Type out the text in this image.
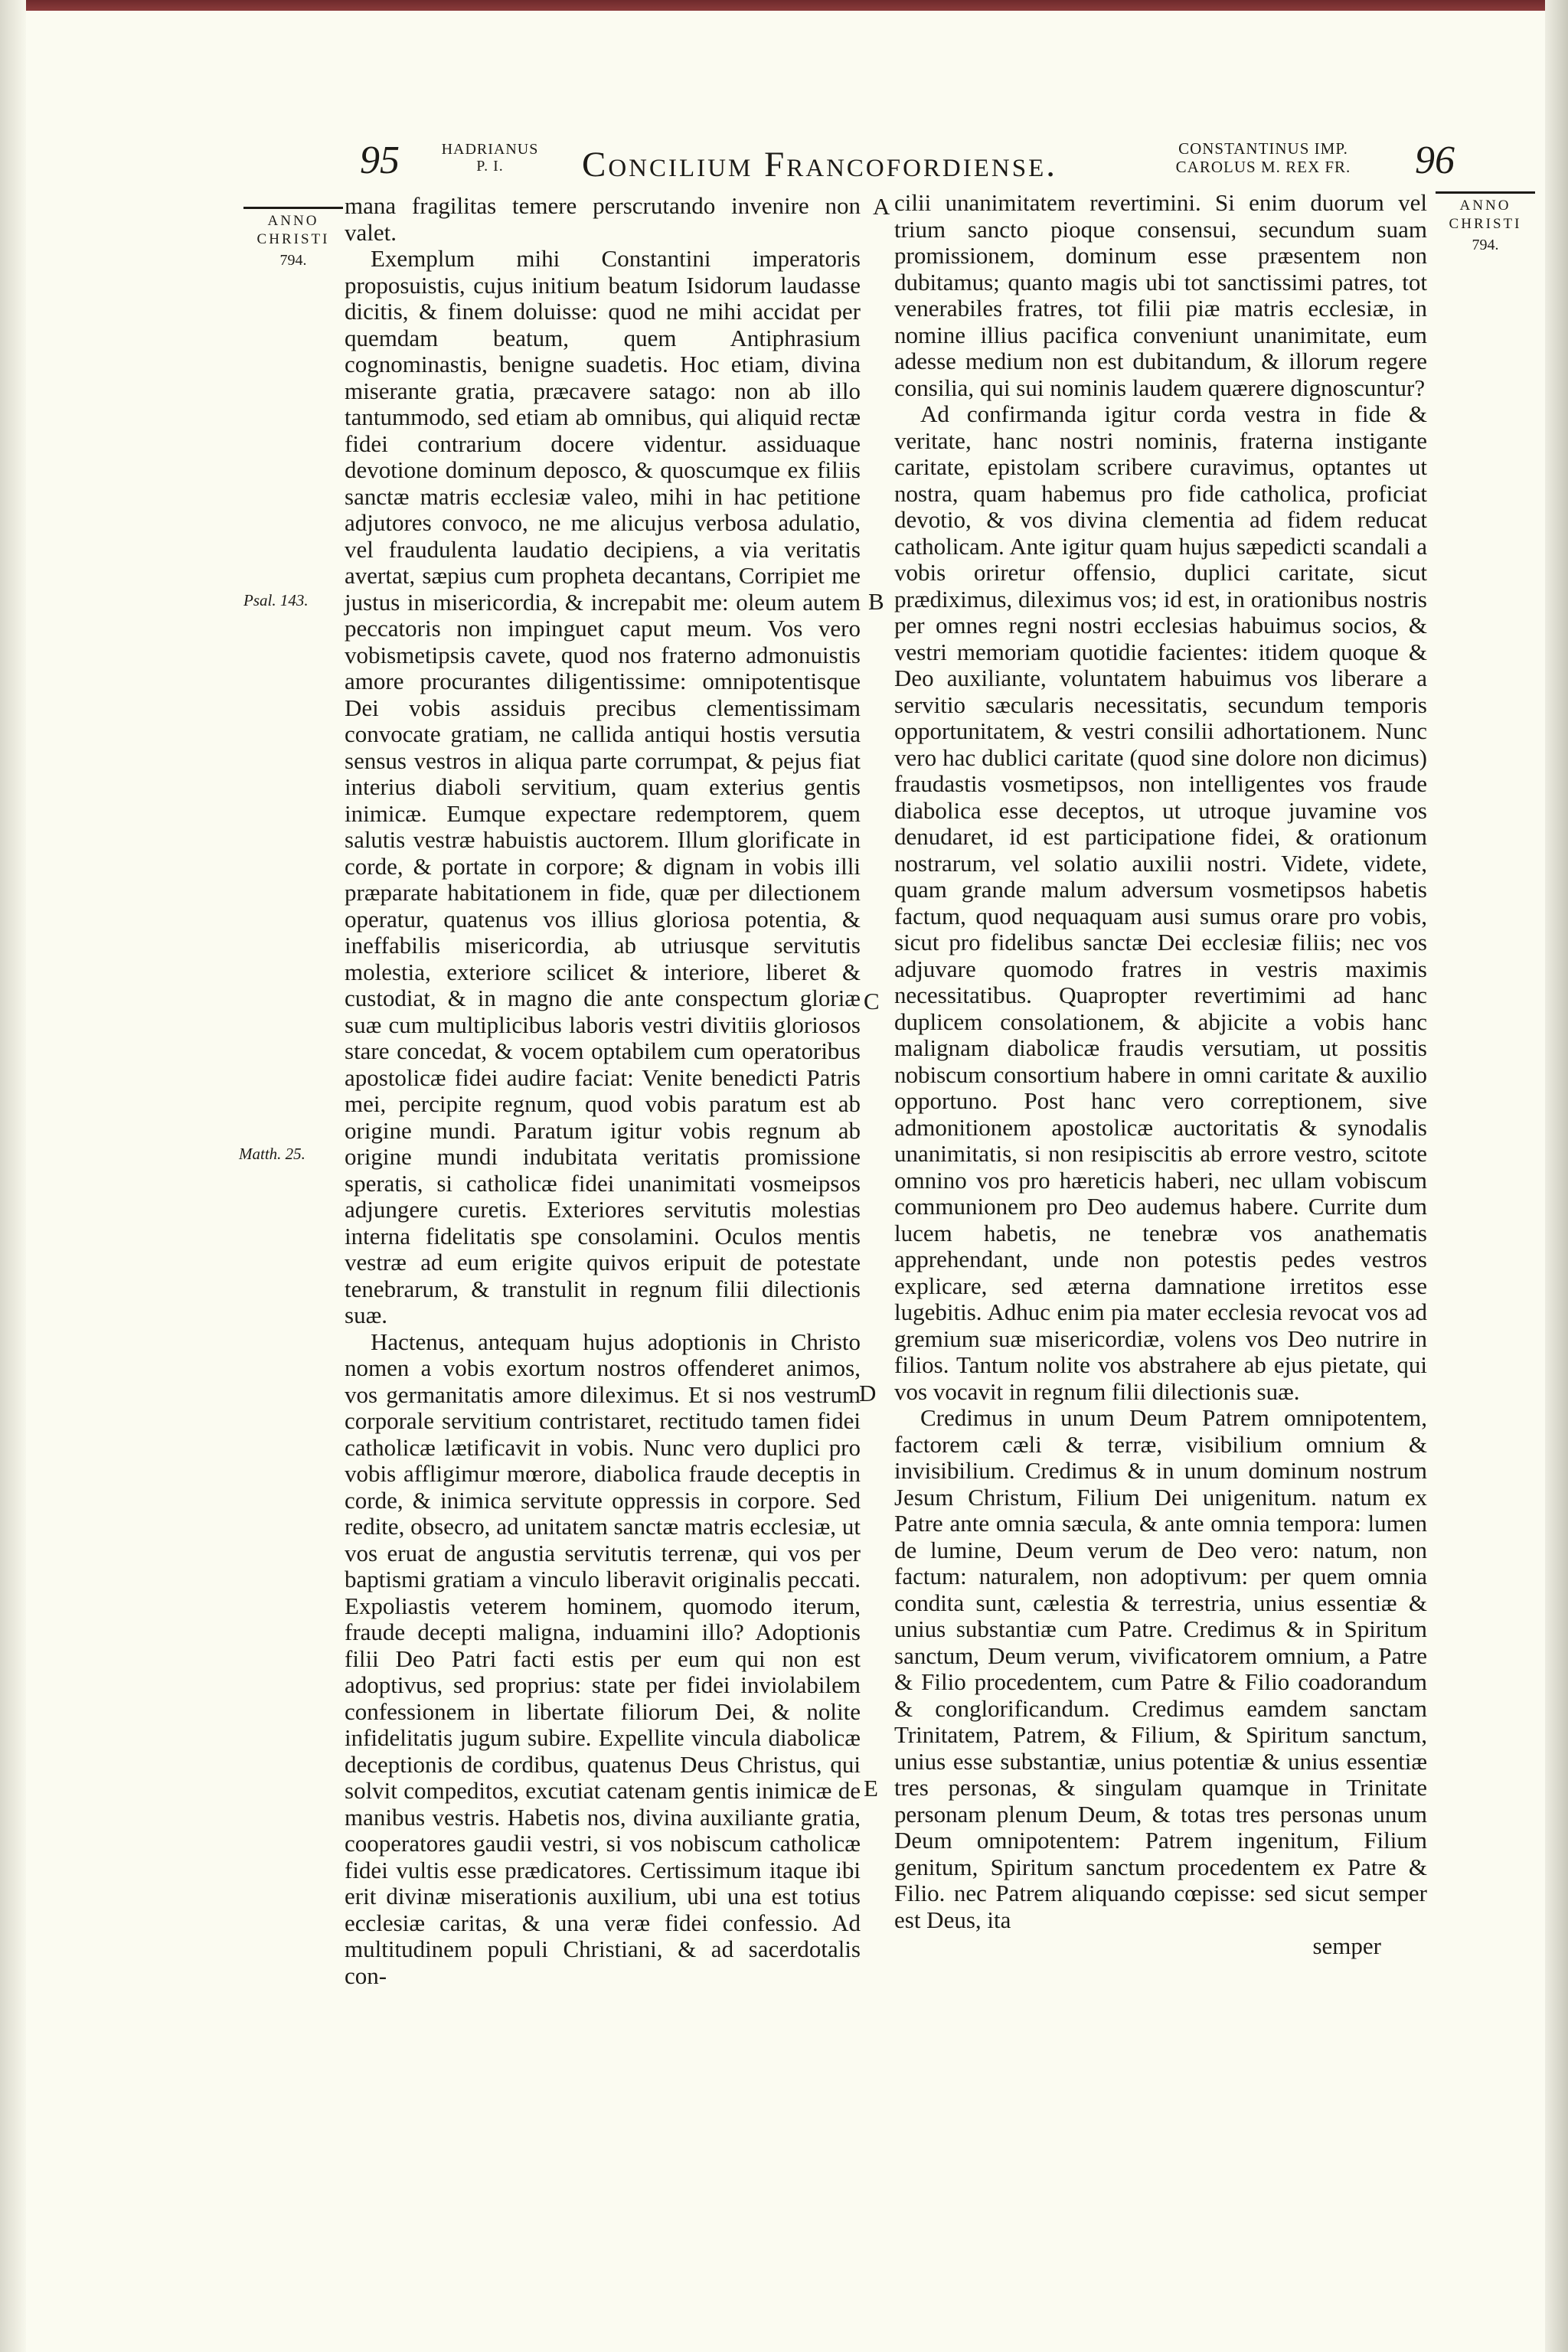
95	HADRIANUS P. I.	Concilium Francofordiense.	CONSTANTINUS IMP. CAROLUS M. REX FR.	96
ANNO
CHRISTI
794.
ANNO
CHRISTI
794.
Psal. 143.
Matth. 25.
A
B
C
D
E

mana fragilitas temere perscrutando invenire non valet.

Exemplum mihi Constantini imperatoris proposuistis, cujus initium beatum Isidorum laudasse dicitis, & finem doluisse: quod ne mihi accidat per quemdam beatum, quem Antiphrasium cognominastis, benigne suadetis. Hoc etiam, divina miserante gratia, præcavere satago: non ab illo tantummodo, sed etiam ab omnibus, qui aliquid rectæ fidei contrarium docere videntur. assiduaque devotione dominum deposco, & quoscumque ex filiis sanctæ matris ecclesiæ valeo, mihi in hac petitione adjutores convoco, ne me alicujus verbosa adulatio, vel fraudulenta laudatio decipiens, a via veritatis avertat, sæpius cum propheta decantans, Corripiet me justus in misericordia, & increpabit me: oleum autem peccatoris non impinguet caput meum. Vos vero vobismetipsis cavete, quod nos fraterno admonuistis amore procurantes diligentissime: omnipotentisque Dei vobis assiduis precibus clementissimam convocate gratiam, ne callida antiqui hostis versutia sensus vestros in aliqua parte corrumpat, & pejus fiat interius diaboli servitium, quam exterius gentis inimicæ. Eumque expectare redemptorem, quem salutis vestræ habuistis auctorem. Illum glorificate in corde, & portate in corpore; & dignam in vobis illi præparate habitationem in fide, quæ per dilectionem operatur, quatenus vos illius gloriosa potentia, & ineffabilis misericordia, ab utriusque servitutis molestia, exteriore scilicet & interiore, liberet & custodiat, & in magno die ante conspectum gloriæ suæ cum multiplicibus laboris vestri divitiis gloriosos stare concedat, & vocem optabilem cum operatoribus apostolicæ fidei audire faciat: Venite benedicti Patris mei, percipite regnum, quod vobis paratum est ab origine mundi. Paratum igitur vobis regnum ab origine mundi indubitata veritatis promissione speratis, si catholicæ fidei unanimitati vosmeipsos adjungere curetis. Exteriores servitutis molestias interna fidelitatis spe consolamini. Oculos mentis vestræ ad eum erigite quivos eripuit de potestate tenebrarum, & transtulit in regnum filii dilectionis suæ.

Hactenus, antequam hujus adoptionis in Christo nomen a vobis exortum nostros offenderet animos, vos germanitatis amore dileximus. Et si nos vestrum corporale servitium contristaret, rectitudo tamen fidei catholicæ lætificavit in vobis. Nunc vero duplici pro vobis affligimur mœrore, diabolica fraude deceptis in corde, & inimica servitute oppressis in corpore. Sed redite, obsecro, ad unitatem sanctæ matris ecclesiæ, ut vos eruat de angustia servitutis terrenæ, qui vos per baptismi gratiam a vinculo liberavit originalis peccati. Expoliastis veterem hominem, quomodo iterum, fraude decepti maligna, induamini illo? Adoptionis filii Deo Patri facti estis per eum qui non est adoptivus, sed proprius: state per fidei inviolabilem confessionem in libertate filiorum Dei, & nolite infidelitatis jugum subire. Expellite vincula diabolicæ deceptionis de cordibus, quatenus Deus Christus, qui solvit compeditos, excutiat catenam gentis inimicæ de manibus vestris. Habetis nos, divina auxiliante gratia, cooperatores gaudii vestri, si vos nobiscum catholicæ fidei vultis esse prædicatores. Certissimum itaque ibi erit divinæ miserationis auxilium, ubi una est totius ecclesiæ caritas, & una veræ fidei confessio. Ad multitudinem populi Christiani, & ad sacerdotalis con-

cilii unanimitatem revertimini. Si enim duorum vel trium sancto pioque consensui, secundum suam promissionem, dominum esse præsentem non dubitamus; quanto magis ubi tot sanctissimi patres, tot venerabiles fratres, tot filii piæ matris ecclesiæ, in nomine illius pacifica conveniunt unanimitate, eum adesse medium non est dubitandum, & illorum regere consilia, qui sui nominis laudem quærere dignoscuntur?

Ad confirmanda igitur corda vestra in fide & veritate, hanc nostri nominis, fraterna instigante caritate, epistolam scribere curavimus, optantes ut nostra, quam habemus pro fide catholica, proficiat devotio, & vos divina clementia ad fidem reducat catholicam. Ante igitur quam hujus sæpedicti scandali a vobis oriretur offensio, duplici caritate, sicut prædiximus, dileximus vos; id est, in orationibus nostris per omnes regni nostri ecclesias habuimus socios, & vestri memoriam quotidie facientes: itidem quoque & Deo auxiliante, voluntatem habuimus vos liberare a servitio sæcularis necessitatis, secundum temporis opportunitatem, & vestri consilii adhortationem. Nunc vero hac dublici caritate (quod sine dolore non dicimus) fraudastis vosmetipsos, non intelligentes vos fraude diabolica esse deceptos, ut utroque juvamine vos denudaret, id est participatione fidei, & orationum nostrarum, vel solatio auxilii nostri. Videte, videte, quam grande malum adversum vosmetipsos habetis factum, quod nequaquam ausi sumus orare pro vobis, sicut pro fidelibus sanctæ Dei ecclesiæ filiis; nec vos adjuvare quomodo fratres in vestris maximis necessitatibus. Quapropter revertimimi ad hanc duplicem consolationem, & abjicite a vobis hanc malignam diabolicæ fraudis versutiam, ut possitis nobiscum consortium habere in omni caritate & auxilio opportuno. Post hanc vero correptionem, sive admonitionem apostolicæ auctoritatis & synodalis unanimitatis, si non resipiscitis ab errore vestro, scitote omnino vos pro hæreticis haberi, nec ullam vobiscum communionem pro Deo audemus habere. Currite dum lucem habetis, ne tenebræ vos anathematis apprehendant, unde non potestis pedes vestros explicare, sed æterna damnatione irretitos esse lugebitis. Adhuc enim pia mater ecclesia revocat vos ad gremium suæ misericordiæ, volens vos Deo nutrire in filios. Tantum nolite vos abstrahere ab ejus pietate, qui vos vocavit in regnum filii dilectionis suæ.

Credimus in unum Deum Patrem omnipotentem, factorem cæli & terræ, visibilium omnium & invisibilium. Credimus & in unum dominum nostrum Jesum Christum, Filium Dei unigenitum. natum ex Patre ante omnia sæcula, & ante omnia tempora: lumen de lumine, Deum verum de Deo vero: natum, non factum: naturalem, non adoptivum: per quem omnia condita sunt, cælestia & terrestria, unius essentiæ & unius substantiæ cum Patre. Credimus & in Spiritum sanctum, Deum verum, vivificatorem omnium, a Patre & Filio procedentem, cum Patre & Filio coadorandum & conglorificandum. Credimus eamdem sanctam Trinitatem, Patrem, & Filium, & Spiritum sanctum, unius esse substantiæ, unius potentiæ & unius essentiæ tres personas, & singulam quamque in Trinitate personam plenum Deum, & totas tres personas unum Deum omnipotentem: Patrem ingenitum, Filium genitum, Spiritum sanctum procedentem ex Patre & Filio. nec Patrem aliquando cœpisse: sed sicut semper est Deus, ita

semper
